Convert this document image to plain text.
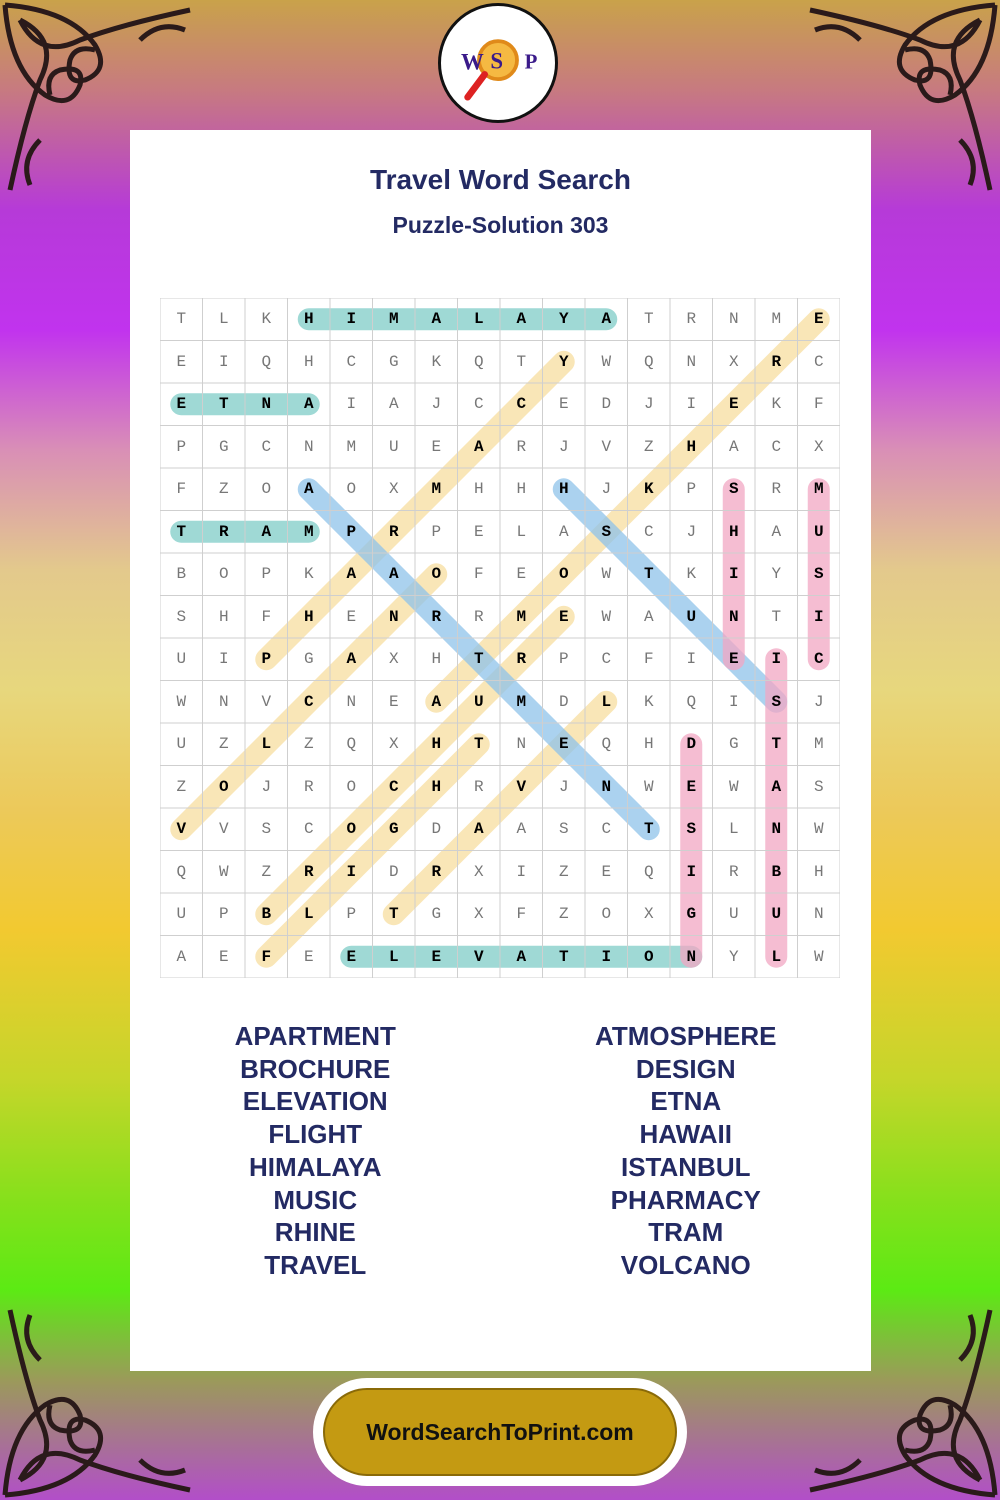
W S P
Travel Word Search
Puzzle-Solution 303
T	L	K	H	I	M	A	L	A	Y	A	T	R	N	M	E
E	I	Q	H	C	G	K	Q	T	Y	W	Q	N	X	R	C
E	T	N	A	I	A	J	C	C	E	D	J	I	E	K	F
P	G	C	N	M	U	E	A	R	J	V	Z	H	A	C	X
F	Z	O	A	O	X	M	H	H	H	J	K	P	S	R	M
T	R	A	M	P	R	P	E	L	A	S	C	J	H	A	U
B	O	P	K	A	A	O	F	E	O	W	T	K	I	Y	S
S	H	F	H	E	N	R	R	M	E	W	A	U	N	T	I
U	I	P	G	A	X	H	T	R	P	C	F	I	E	I	C
W	N	V	C	N	E	A	U	M	D	L	K	Q	I	S	J
U	Z	L	Z	Q	X	H	T	N	E	Q	H	D	G	T	M
Z	O	J	R	O	C	H	R	V	J	N	W	E	W	A	S
V	V	S	C	O	G	D	A	A	S	C	T	S	L	N	W
Q	W	Z	R	I	D	R	X	I	Z	E	Q	I	R	B	H
U	P	B	L	P	T	G	X	F	Z	O	X	G	U	U	N
A	E	F	E	E	L	E	V	A	T	I	O	N	Y	L	W
APARTMENT
BROCHURE
ELEVATION
FLIGHT
HIMALAYA
MUSIC
RHINE
TRAVEL
ATMOSPHERE
DESIGN
ETNA
HAWAII
ISTANBUL
PHARMACY
TRAM
VOLCANO
WordSearchToPrint.com
